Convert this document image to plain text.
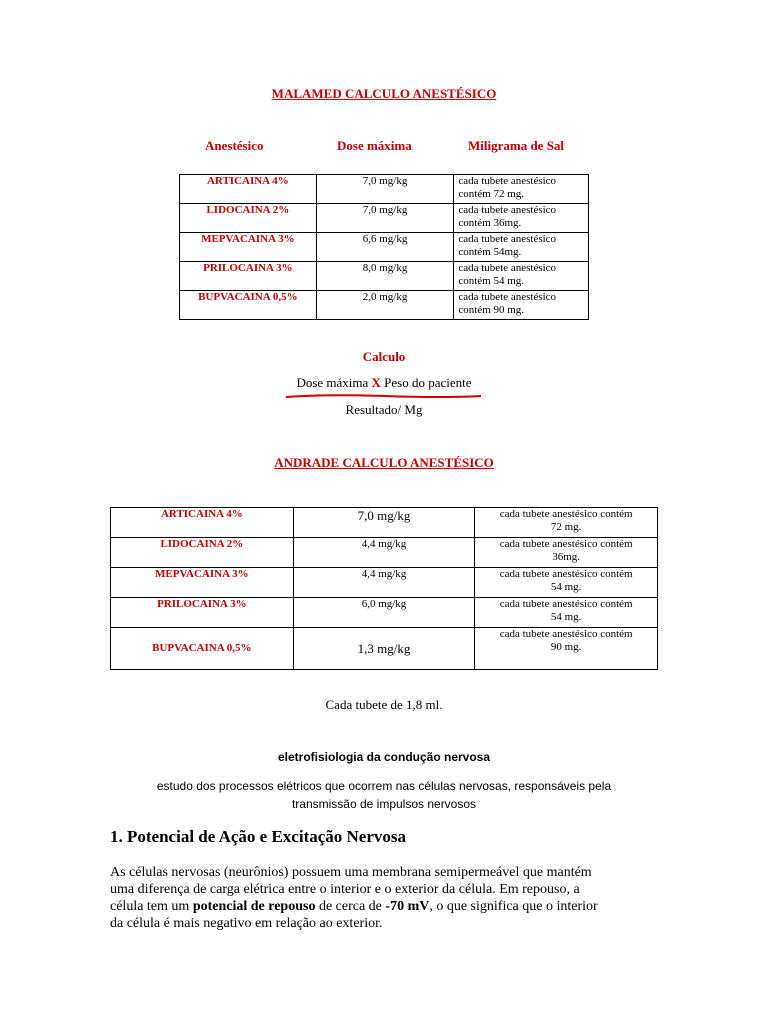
MALAMED CALCULO ANESTÉSICO
Anestésico	Dose máxima	Miligrama de Sal
ARTICAINA 4%	7,0 mg/kg	cada tubete anestésico
contém 72 mg.
LIDOCAINA 2%	7,0 mg/kg	cada tubete anestésico
contém 36mg.
MEPVACAINA 3%	6,6 mg/kg	cada tubete anestésico
contém 54mg.
PRILOCAINA 3%	8,0 mg/kg	cada tubete anestésico
contém 54 mg.
BUPVACAINA 0,5%	2,0 mg/kg	cada tubete anestésico
contém 90 mg.
Calculo
Dose máxima X Peso do paciente
Resultado/ Mg
ANDRADE CALCULO ANESTÉSICO
ARTICAINA 4%	7,0 mg/kg	cada tubete anestésico contém
72 mg.
LIDOCAINA 2%	4,4 mg/kg	cada tubete anestésico contém
36mg.
MEPVACAINA 3%	4,4 mg/kg	cada tubete anestésico contém
54 mg.
PRILOCAINA 3%	6,0 mg/kg	cada tubete anestésico contém
54 mg.
BUPVACAINA 0,5%	1,3 mg/kg	cada tubete anestésico contém
90 mg.
Cada tubete de 1,8 ml.
eletrofisiologia da condução nervosa
estudo dos processos elétricos que ocorrem nas células nervosas, responsáveis pela
transmissão de impulsos nervosos
1. Potencial de Ação e Excitação Nervosa
As células nervosas (neurônios) possuem uma membrana semipermeável que mantém
uma diferença de carga elétrica entre o interior e o exterior da célula. Em repouso, a
célula tem um potencial de repouso de cerca de -70 mV, o que significa que o interior
da célula é mais negativo em relação ao exterior.
